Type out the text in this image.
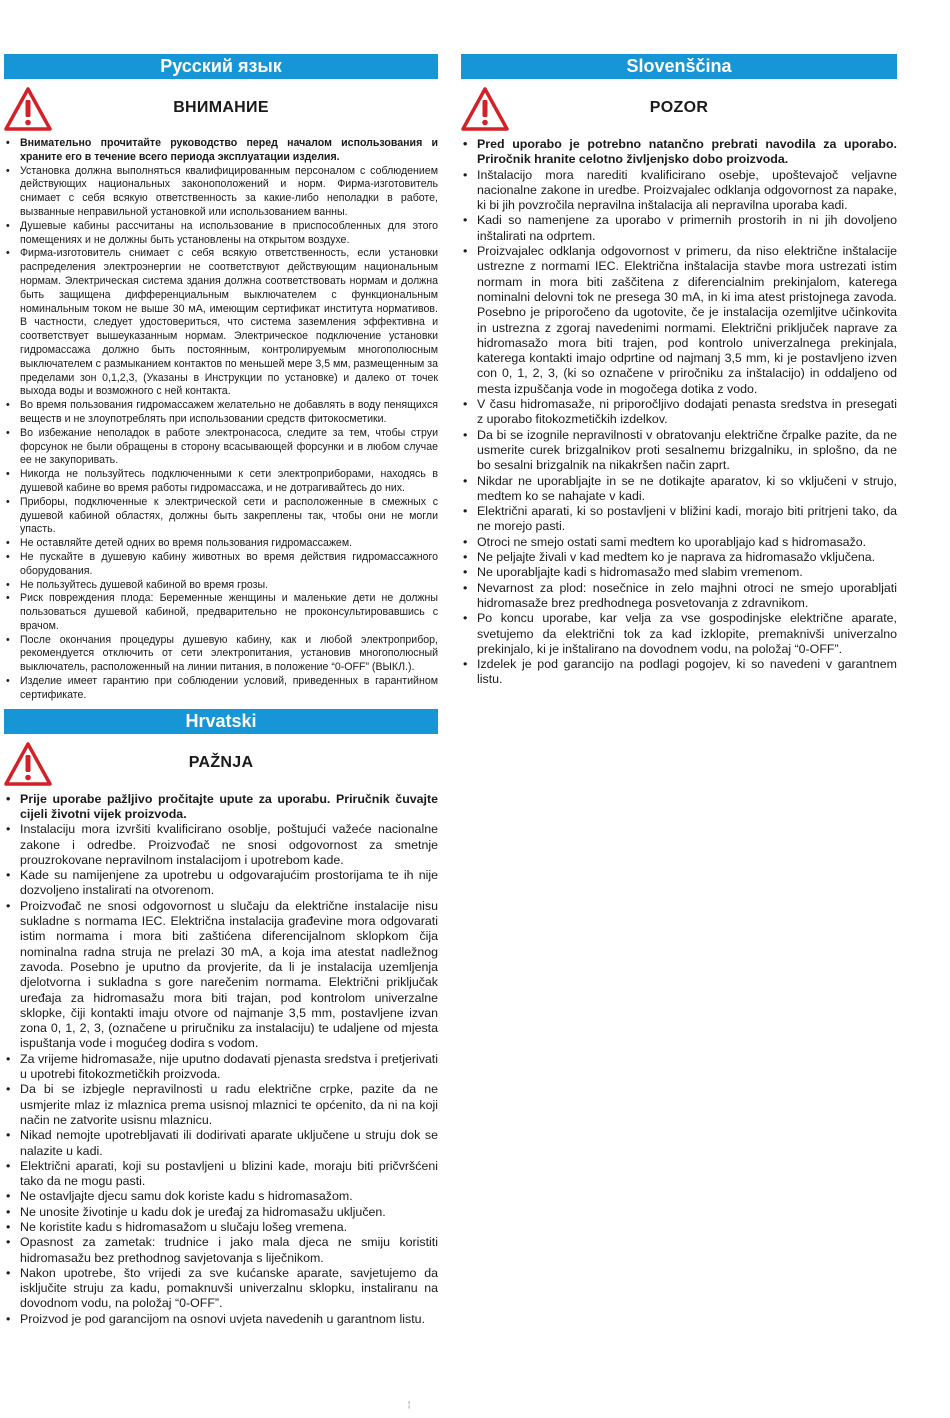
Русский язык
ВНИМАНИЕ
• Внимательно прочитайте руководство перед началом использования и храните его в течение всего периода эксплуатации изделия.
• Установка должна выполняться квалифицированным персоналом с соблюдением действующих национальных законоположений и норм. Фирма-изготовитель снимает с себя всякую ответственность за какие-либо неполадки в работе, вызванные неправильной установкой или использованием ванны.
• Душевые кабины рассчитаны на использование в приспособленных для этого помещениях и не должны быть установлены на открытом воздухе.
• Фирма-изготовитель снимает с себя всякую ответственность, если установки распределения электроэнергии не соответствуют действующим национальным нормам. Электрическая система здания должна соответствовать нормам и должна быть защищена дифференциальным выключателем с функциональным номинальным током не выше 30 мА, имеющим сертификат института нормативов. В частности, следует удостовериться, что система заземления эффективна и соответствует вышеуказанным нормам. Электрическое подключение установки гидромассажа должно быть постоянным, контролируемым многополюсным выключателем с размыканием контактов по меньшей мере 3,5 мм, размещенным за пределами зон 0,1,2,3, (Указаны в Инструкции по установке) и далеко от точек выхода воды и возможного с ней контакта.
• Во время пользования гидромассажем желательно не добавлять в воду пенящихся веществ и не злоупотреблять при использовании средств фитокосметики.
• Во избежание неполадок в работе электронасоса, следите за тем, чтобы струи форсунок не были обращены в сторону всасывающей форсунки и в любом случае ее не закупоривать.
• Никогда не пользуйтесь подключенными к сети электроприборами, находясь в душевой кабине во время работы гидромассажа, и не дотрагивайтесь до них.
• Приборы, подключенные к электрической сети и расположенные в смежных с душевой кабиной областях, должны быть закреплены так, чтобы они не могли упасть.
• Не оставляйте детей одних во время пользования гидромассажем.
• Не пускайте в душевую кабину животных во время действия гидромассажного оборудования.
• Не пользуйтесь душевой кабиной во время грозы.
• Риск повреждения плода: Беременные женщины и маленькие дети не должны пользоваться душевой кабиной, предварительно не проконсультировавшись с врачом.
• После окончания процедуры душевую кабину, как и любой электроприбор, рекомендуется отключить от сети электропитания, установив многополюсный выключатель, расположенный на линии питания, в положение “0-OFF” (ВЫКЛ.).
• Изделие имеет гарантию при соблюдении условий, приведенных в гарантийном сертификате.
Hrvatski
PAŽNJA
• Prije uporabe pažljivo pročitajte upute za uporabu. Priručnik čuvajte cijeli životni vijek proizvoda.
• Instalaciju mora izvršiti kvalificirano osoblje, poštujući važeće nacionalne zakone i odredbe. Proizvođač ne snosi odgovornost za smetnje prouzrokovane nepravilnom instalacijom i upotrebom kade.
• Kade su namijenjene za upotrebu u odgovarajućim prostorijama te ih nije dozvoljeno instalirati na otvorenom.
• Proizvođač ne snosi odgovornost u slučaju da električne instalacije nisu sukladne s normama IEC. Električna instalacija građevine mora odgovarati istim normama i mora biti zaštićena diferencijalnom sklopkom čija nominalna radna struja ne prelazi 30 mA, a koja ima atestat nadležnog zavoda. Posebno je uputno da provjerite, da li je instalacija uzemljenja djelotvorna i sukladna s gore narečenim normama. Električni priključak uređaja za hidromasažu mora biti trajan, pod kontrolom univerzalne sklopke, čiji kontakti imaju otvore od najmanje 3,5 mm, postavljene izvan zona 0, 1, 2, 3, (označene u priručniku za instalaciju) te udaljene od mjesta ispuštanja vode i mogućeg dodira s vodom.
• Za vrijeme hidromasaže, nije uputno dodavati pjenasta sredstva i pretjerivati u upotrebi fitokozmetičkih proizvoda.
• Da bi se izbjegle nepravilnosti u radu električne crpke, pazite da ne usmjerite mlaz iz mlaznica prema usisnoj mlaznici te općenito, da ni na koji način ne zatvorite usisnu mlaznicu.
• Nikad nemojte upotrebljavati ili dodirivati aparate uključene u struju dok se nalazite u kadi.
• Električni aparati, koji su postavljeni u blizini kade, moraju biti pričvršćeni tako da ne mogu pasti.
• Ne ostavljajte djecu samu dok koriste kadu s hidromasažom.
• Ne unosite životinje u kadu dok je uređaj za hidromasažu uključen.
• Ne koristite kadu s hidromasažom u slučaju lošeg vremena.
• Opasnost za zametak: trudnice i jako mala djeca ne smiju koristiti hidromasažu bez prethodnog savjetovanja s liječnikom.
• Nakon upotrebe, što vrijedi za sve kućanske aparate, savjetujemo da isključite struju za kadu, pomaknuvši univerzalnu sklopku, instaliranu na dovodnom vodu, na položaj “0-OFF”.
• Proizvod je pod garancijom na osnovi uvjeta navedenih u garantnom listu.
Slovenščina
POZOR
• Pred uporabo je potrebno natančno prebrati navodila za uporabo. Priročnik hranite celotno življenjsko dobo proizvoda.
• Inštalacijo mora narediti kvalificirano osebje, upoštevajoč veljavne nacionalne zakone in uredbe. Proizvajalec odklanja odgovornost za napake, ki bi jih povzročila nepravilna inštalacija ali nepravilna uporaba kadi.
• Kadi so namenjene za uporabo v primernih prostorih in ni jih dovoljeno inštalirati na odprtem.
• Proizvajalec odklanja odgovornost v primeru, da niso električne inštalacije ustrezne z normami IEC. Električna inštalacija stavbe mora ustrezati istim normam in mora biti zaščitena z diferencialnim prekinjalom, katerega nominalni delovni tok ne presega 30 mA, in ki ima atest pristojnega zavoda. Posebno je priporočeno da ugotovite, če je instalacija ozemljitve učinkovita in ustrezna z zgoraj navedenimi normami. Električni priključek naprave za hidromasažo mora biti trajen, pod kontrolo univerzalnega prekinjala, katerega kontakti imajo odprtine od najmanj 3,5 mm, ki je postavljeno izven con 0, 1, 2, 3, (ki so označene v priročniku za inštalacijo) in oddaljeno od mesta izpuščanja vode in mogočega dotika z vodo.
• V času hidromasaže, ni priporočljivo dodajati penasta sredstva in presegati z uporabo fitokozmetičkih izdelkov.
• Da bi se izognile nepravilnosti v obratovanju električne črpalke pazite, da ne usmerite curek brizgalnikov proti sesalnemu brizgalniku, in splošno, da ne bo sesalni brizgalnik na nikakršen način zaprt.
• Nikdar ne uporabljajte in se ne dotikajte aparatov, ki so vključeni v strujo, medtem ko se nahajate v kadi.
• Električni aparati, ki so postavljeni v bližini kadi, morajo biti pritrjeni tako, da ne morejo pasti.
• Otroci ne smejo ostati sami medtem ko uporabljajo kad s hidromasažo.
• Ne peljajte živali v kad medtem ko je naprava za hidromasažo vključena.
• Ne uporabljajte kadi s hidromasažo med slabim vremenom.
• Nevarnost za plod: nosečnice in zelo majhni otroci ne smejo uporabljati hidromasaže brez predhodnega posvetovanja z zdravnikom.
• Po koncu uporabe, kar velja za vse gospodinjske električne aparate, svetujemo da električni tok za kad izklopite, premaknivši univerzalno prekinjalo, ki je inštalirano na dovodnem vodu, na položaj “0-OFF”.
• Izdelek je pod garancijo na podlagi pogojev, ki so navedeni v garantnem listu.
¦
